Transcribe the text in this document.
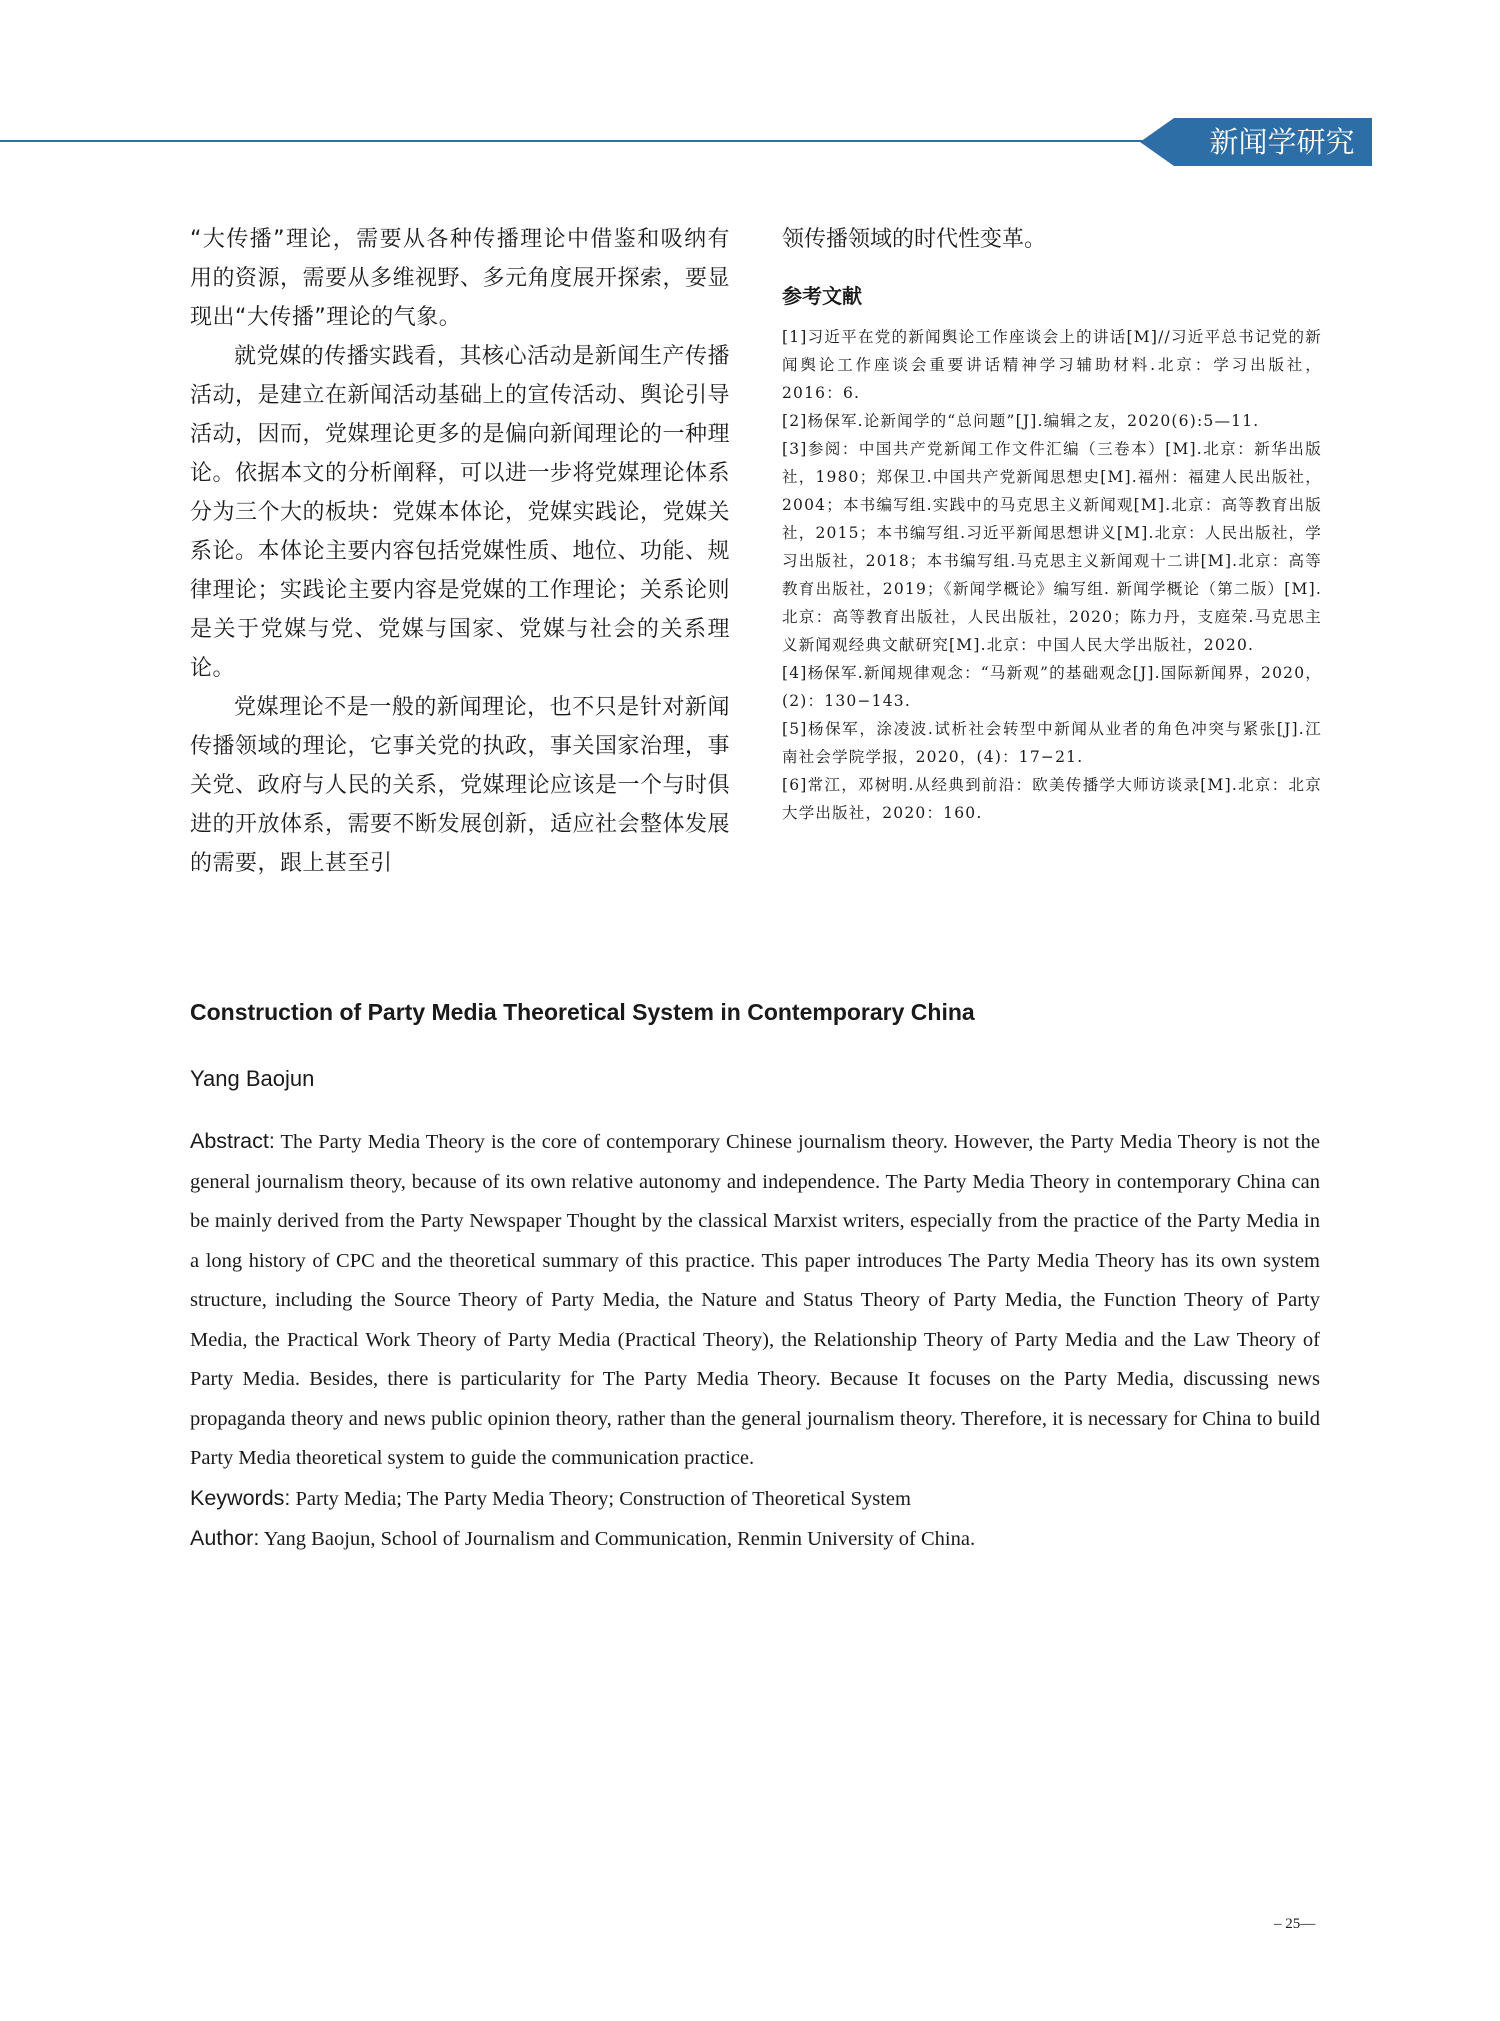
新闻学研究

“大传播”理论，需要从各种传播理论中借鉴和吸纳有用的资源，需要从多维视野、多元角度展开探索，要显现出“大传播”理论的气象。

就党媒的传播实践看，其核心活动是新闻生产传播活动，是建立在新闻活动基础上的宣传活动、舆论引导活动，因而，党媒理论更多的是偏向新闻理论的一种理论。依据本文的分析阐释，可以进一步将党媒理论体系分为三个大的板块：党媒本体论，党媒实践论，党媒关系论。本体论主要内容包括党媒性质、地位、功能、规律理论；实践论主要内容是党媒的工作理论；关系论则是关于党媒与党、党媒与国家、党媒与社会的关系理论。

党媒理论不是一般的新闻理论，也不只是针对新闻传播领域的理论，它事关党的执政，事关国家治理，事关党、政府与人民的关系，党媒理论应该是一个与时俱进的开放体系，需要不断发展创新，适应社会整体发展的需要，跟上甚至引

领传播领域的时代性变革。

参考文献

[1]习近平在党的新闻舆论工作座谈会上的讲话[M]//习近平总书记党的新闻舆论工作座谈会重要讲话精神学习辅助材料.北京：学习出版社，2016：6.

[2]杨保军.论新闻学的“总问题”[J].编辑之友，2020(6):5—11.

[3]参阅：中国共产党新闻工作文件汇编（三卷本）[M].北京：新华出版社，1980；郑保卫.中国共产党新闻思想史[M].福州：福建人民出版社，2004；本书编写组.实践中的马克思主义新闻观[M].北京：高等教育出版社，2015；本书编写组.习近平新闻思想讲义[M].北京：人民出版社，学习出版社，2018；本书编写组.马克思主义新闻观十二讲[M].北京：高等教育出版社，2019；《新闻学概论》编写组. 新闻学概论（第二版）[M].北京：高等教育出版社，人民出版社，2020；陈力丹，支庭荣.马克思主义新闻观经典文献研究[M].北京：中国人民大学出版社，2020.

[4]杨保军.新闻规律观念：“马新观”的基础观念[J].国际新闻界，2020，(2)：130−143.

[5]杨保军，涂凌波.试析社会转型中新闻从业者的角色冲突与紧张[J].江南社会学院学报，2020，(4)：17−21.

[6]常江，邓树明.从经典到前沿：欧美传播学大师访谈录[M].北京：北京大学出版社，2020：160.

Construction of Party Media Theoretical System in Contemporary China
Yang Baojun

Abstract: The Party Media Theory is the core of contemporary Chinese journalism theory. However, the Party Media Theory is not the general journalism theory, because of its own relative autonomy and independence. The Party Media Theory in contemporary China can be mainly derived from the Party Newspaper Thought by the classical Marxist writers, especially from the practice of the Party Media in a long history of CPC and the theoretical summary of this practice. This paper introduces The Party Media Theory has its own system structure, including the Source Theory of Party Media, the Nature and Status Theory of Party Media, the Function Theory of Party Media, the Practical Work Theory of Party Media (Practical Theory), the Relationship Theory of Party Media and the Law Theory of Party Media. Besides, there is particularity for The Party Media Theory. Because It focuses on the Party Media, discussing news propaganda theory and news public opinion theory, rather than the general journalism theory. Therefore, it is necessary for China to build Party Media theoretical system to guide the communication practice.

Keywords: Party Media; The Party Media Theory; Construction of Theoretical System

Author: Yang Baojun, School of Journalism and Communication, Renmin University of China.

– 25—
